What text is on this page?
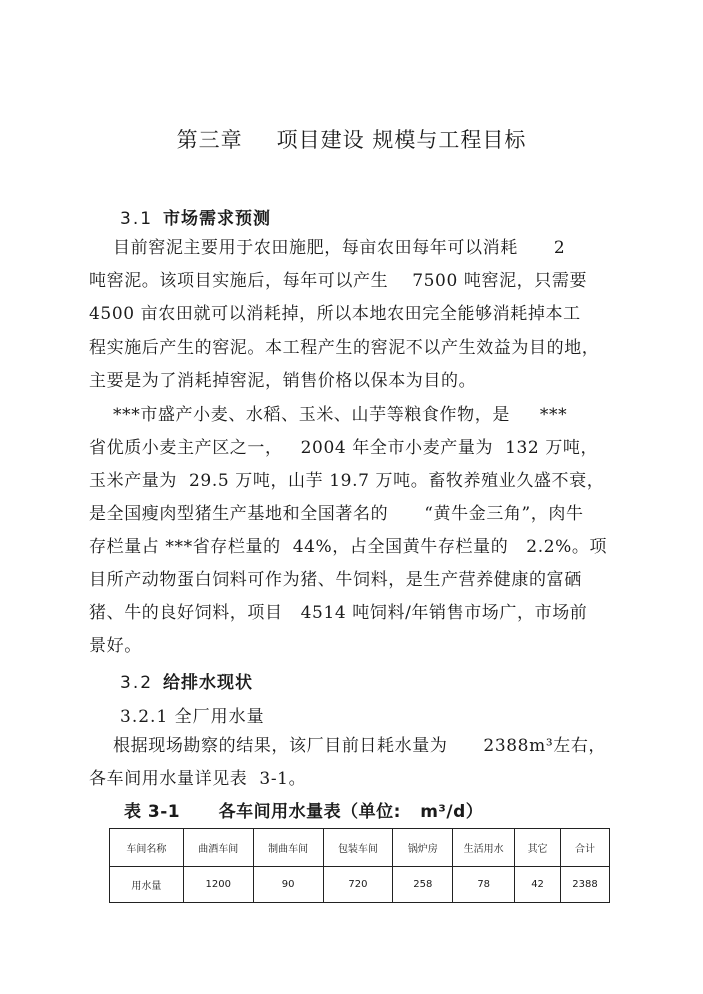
第三章 项目建设 规模与工程目标
3.1 市场需求预测
目前窖泥主要用于农田施肥，每亩农田每年可以消耗      2
吨窖泥。该项目实施后，每年可以产生    7500 吨窖泥，只需要
4500 亩农田就可以消耗掉，所以本地农田完全能够消耗掉本工
程实施后产生的窖泥。本工程产生的窖泥不以产生效益为目的地，
主要是为了消耗掉窖泥，销售价格以保本为目的。
***市盛产小麦、水稻、玉米、山芋等粮食作物，是     ***
省优质小麦主产区之一，   2004 年全市小麦产量为  132 万吨，
玉米产量为  29.5 万吨，山芋 19.7 万吨。畜牧养殖业久盛不衰，
是全国瘦肉型猪生产基地和全国著名的      “黄牛金三角”，肉牛
存栏量占 ***省存栏量的  44%，占全国黄牛存栏量的   2.2%。项
目所产动物蛋白饲料可作为猪、牛饲料，是生产营养健康的富硒
猪、牛的良好饲料，项目   4514 吨饲料/年销售市场广，市场前
景好。
3.2 给排水现状
3.2.1 全厂用水量
根据现场勘察的结果，该厂目前日耗水量为      2388m³左右，
各车间用水量详见表  3-1。
表 3-1      各车间用水量表（单位:   m³/d）
车间名称	曲酒车间	制曲车间	包装车间	锅炉房	生活用水	其它	合计
用水量	1200	90	720	258	78	42	2388
